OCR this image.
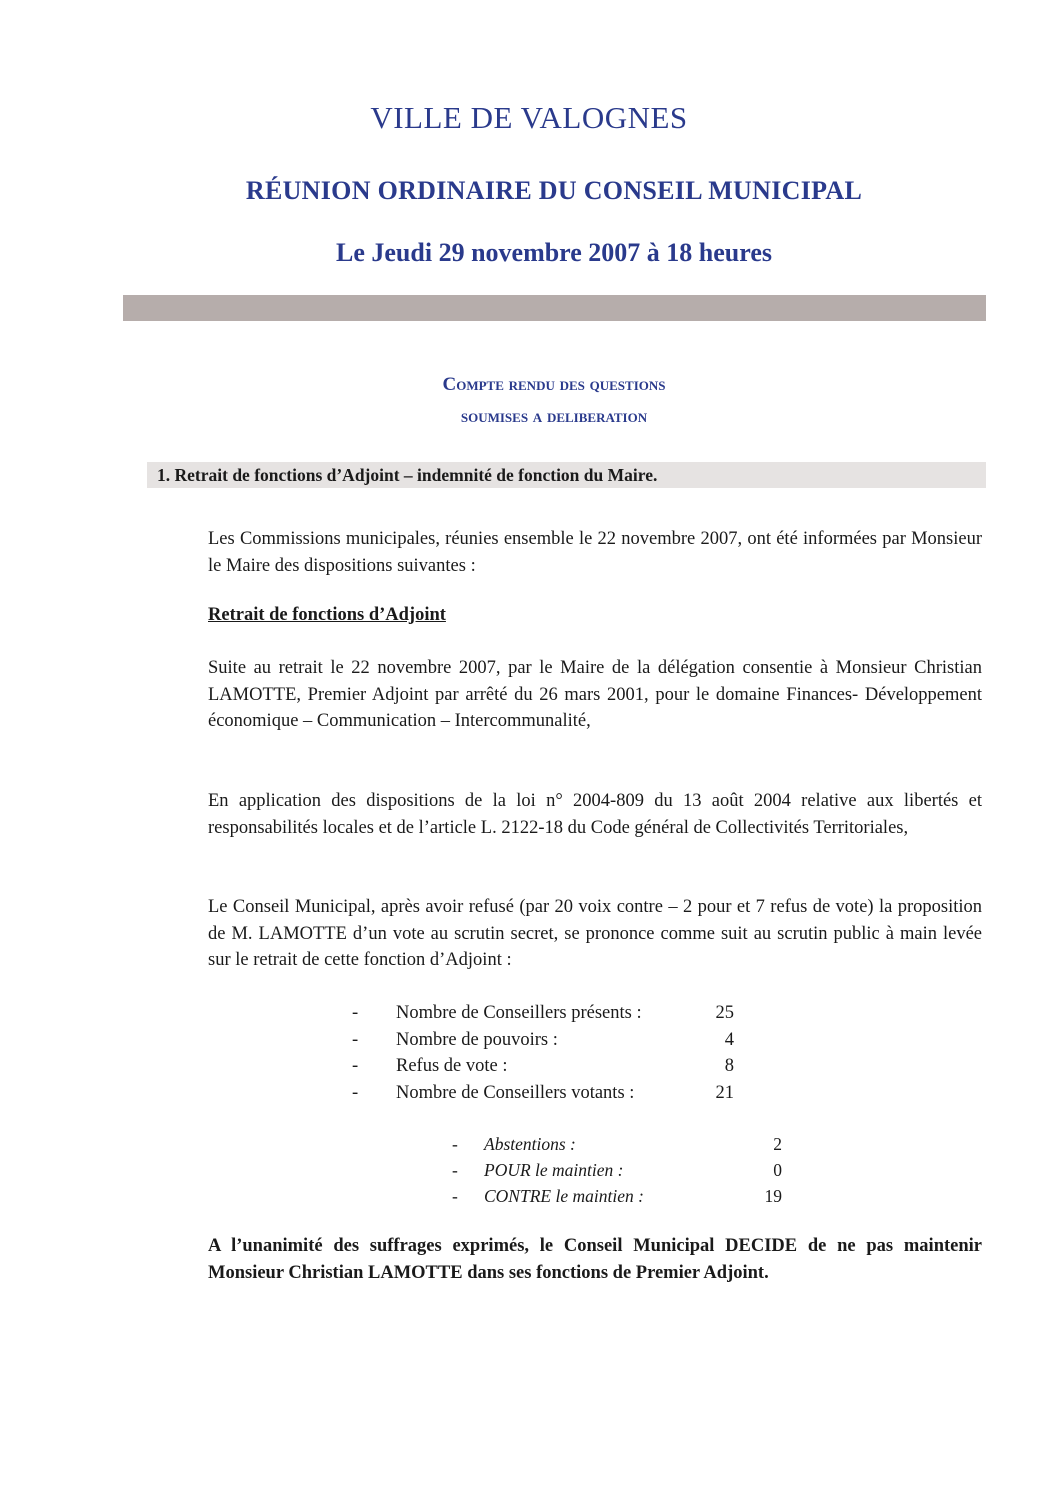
VILLE DE VALOGNES
RÉUNION ORDINAIRE DU CONSEIL MUNICIPAL
Le Jeudi 29 novembre 2007 à 18 heures
Compte rendu des questions
soumises a deliberation
1. Retrait de fonctions d’Adjoint – indemnité de fonction du Maire.
Les Commissions municipales, réunies ensemble le 22 novembre 2007, ont été informées par Monsieur le Maire des dispositions suivantes :
Retrait de fonctions d’Adjoint
Suite au retrait le 22 novembre 2007, par le Maire de la délégation consentie à Monsieur Christian LAMOTTE, Premier Adjoint par arrêté du 26 mars 2001, pour le domaine Finances- Développement économique – Communication – Intercommunalité,
En application des dispositions de la loi n° 2004-809 du 13 août 2004 relative aux libertés et responsabilités locales et de l’article L. 2122-18 du Code général de Collectivités Territoriales,
Le Conseil Municipal, après avoir refusé (par 20 voix contre – 2 pour et 7 refus de vote) la proposition de M. LAMOTTE d’un vote au scrutin secret, se prononce comme suit au scrutin public à main levée sur le retrait de cette fonction d’Adjoint :
-	Nombre de Conseillers présents :	25
-	Nombre de pouvoirs :	4
-	Refus de vote :	8
-	Nombre de Conseillers votants :	21
-	Abstentions :	2
-	POUR le maintien :	0
-	CONTRE le maintien :	19
A l’unanimité des suffrages exprimés, le Conseil Municipal DECIDE de ne pas maintenir Monsieur Christian LAMOTTE dans ses fonctions de Premier Adjoint.
